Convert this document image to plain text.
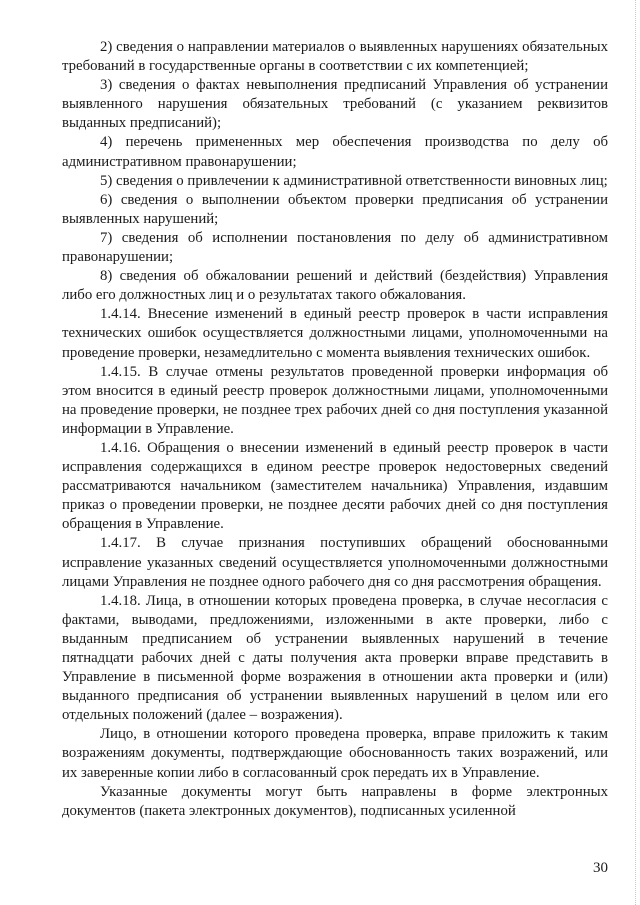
2) сведения о направлении материалов о выявленных нарушениях обязательных требований в государственные органы в соответствии с их компетенцией;

3) сведения о фактах невыполнения предписаний Управления об устранении выявленного нарушения обязательных требований (с указанием реквизитов выданных предписаний);

4) перечень примененных мер обеспечения производства по делу об административном правонарушении;

5) сведения о привлечении к административной ответственности виновных лиц;

6) сведения о выполнении объектом проверки предписания об устранении выявленных нарушений;

7) сведения об исполнении постановления по делу об административном правонарушении;

8) сведения об обжаловании решений и действий (бездействия) Управления либо его должностных лиц и о результатах такого обжалования.

1.4.14. Внесение изменений в единый реестр проверок в части исправления технических ошибок осуществляется должностными лицами, уполномоченными на проведение проверки, незамедлительно с момента выявления технических ошибок.

1.4.15. В случае отмены результатов проведенной проверки информация об этом вносится в единый реестр проверок должностными лицами, уполномоченными на проведение проверки, не позднее трех рабочих дней со дня поступления указанной информации в Управление.

1.4.16. Обращения о внесении изменений в единый реестр проверок в части исправления содержащихся в едином реестре проверок недостоверных сведений рассматриваются начальником (заместителем начальника) Управления, издавшим приказ о проведении проверки, не позднее десяти рабочих дней со дня поступления обращения в Управление.

1.4.17. В случае признания поступивших обращений обоснованными исправление указанных сведений осуществляется уполномоченными должностными лицами Управления не позднее одного рабочего дня со дня рассмотрения обращения.

1.4.18. Лица, в отношении которых проведена проверка, в случае несогласия с фактами, выводами, предложениями, изложенными в акте проверки, либо с выданным предписанием об устранении выявленных нарушений в течение пятнадцати рабочих дней с даты получения акта проверки вправе представить в Управление в письменной форме возражения в отношении акта проверки и (или) выданного предписания об устранении выявленных нарушений в целом или его отдельных положений (далее – возражения).

Лицо, в отношении которого проведена проверка, вправе приложить к таким возражениям документы, подтверждающие обоснованность таких возражений, или их заверенные копии либо в согласованный срок передать их в Управление.

Указанные документы могут быть направлены в форме электронных документов (пакета электронных документов), подписанных усиленной

30
